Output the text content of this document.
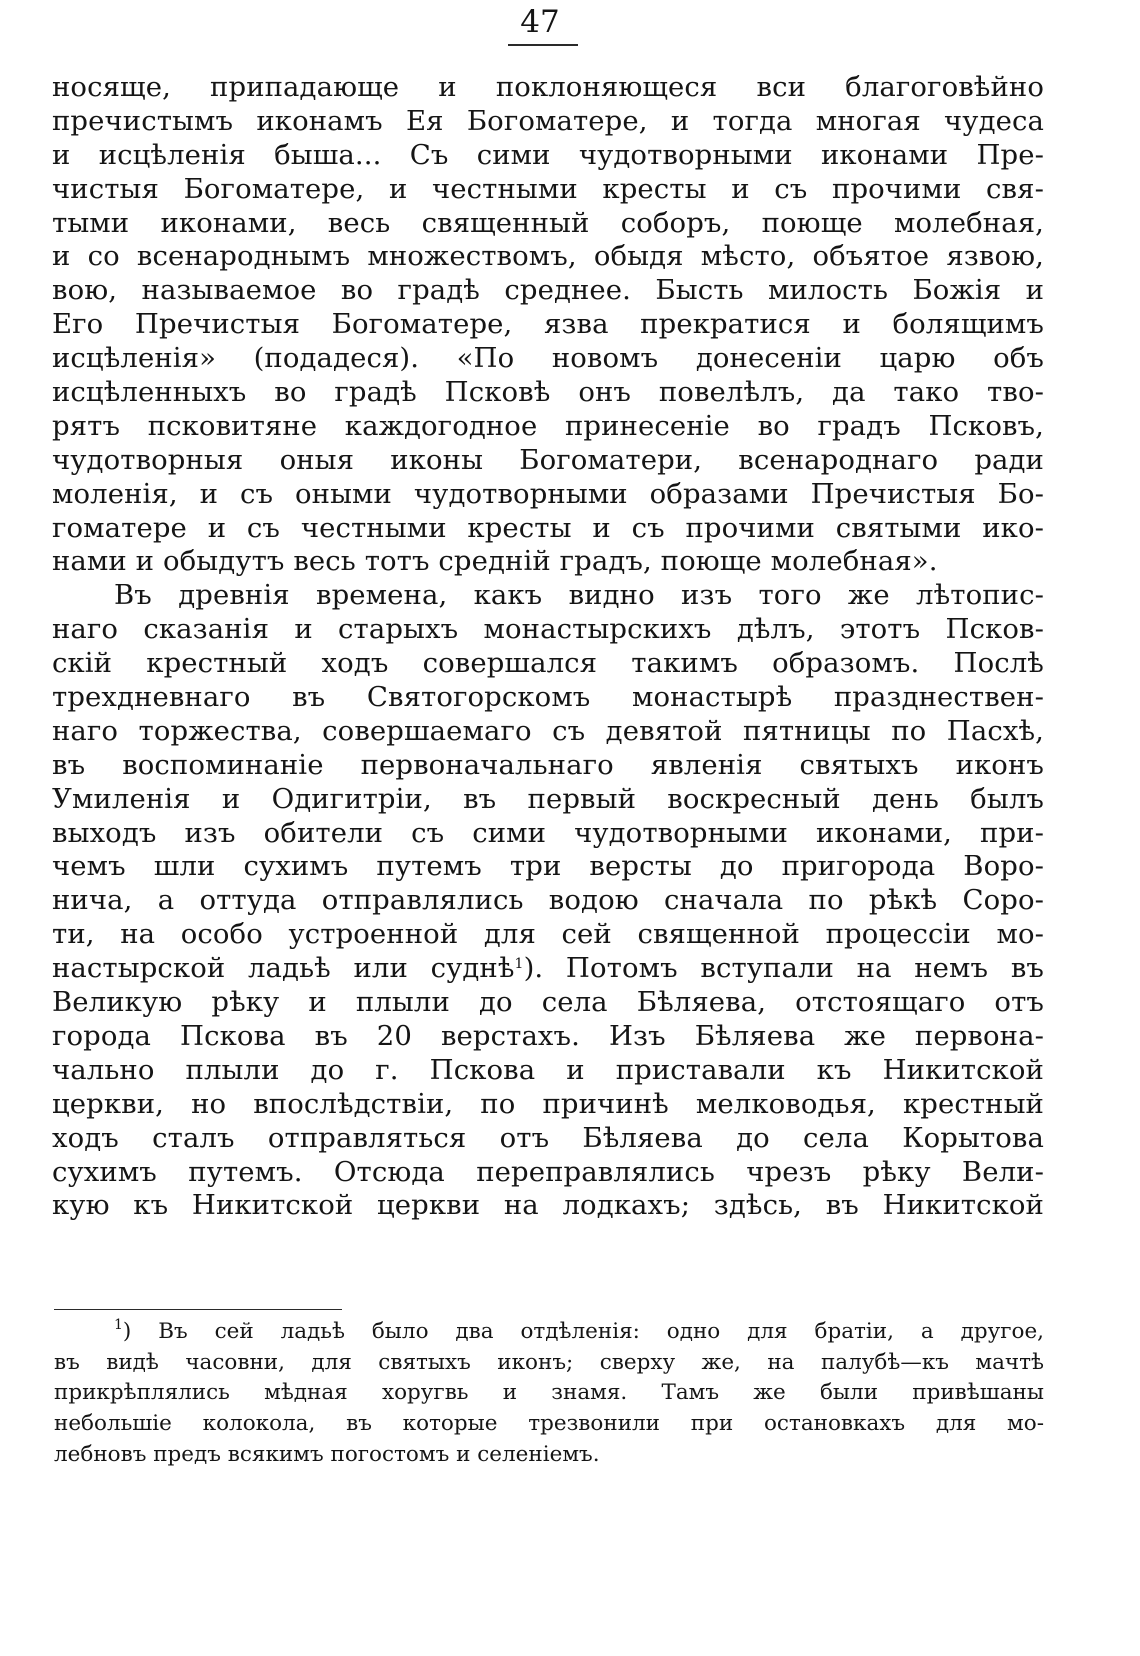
47
носяще, припадающе и поклоняющеся вси благоговѣйно
пречистымъ иконамъ Ея Богоматере, и тогда многая чудеса
и исцѣленія быша... Съ сими чудотворными иконами Пре-
чистыя Богоматере, и честными кресты и съ прочими свя-
тыми иконами, весь священный соборъ, поюще молебная,
и со всенароднымъ множествомъ, обыдя мѣсто, объятое язвою,
вою, называемое во градѣ среднее. Бысть милость Божія и
Его Пречистыя Богоматере, язва прекратися и болящимъ
исцѣленія» (подадеся). «По новомъ донесеніи царю объ
исцѣленныхъ во градѣ Псковѣ онъ повелѣлъ, да тако тво-
рятъ псковитяне каждогодное принесеніе во градъ Псковъ,
чудотворныя оныя иконы Богоматери, всенароднаго ради
моленія, и съ оными чудотворными образами Пречистыя Бо-
гоматере и съ честными кресты и съ прочими святыми ико-
нами и обыдутъ весь тотъ средній градъ, поюще молебная».
Въ древнія времена, какъ видно изъ того же лѣтопис-
наго сказанія и старыхъ монастырскихъ дѣлъ, этотъ Псков-
скій крестный ходъ совершался такимъ образомъ. Послѣ
трехдневнаго въ Святогорскомъ монастырѣ празднествен-
наго торжества, совершаемаго съ девятой пятницы по Пасхѣ,
въ воспоминаніе первоначальнаго явленія святыхъ иконъ
Умиленія и Одигитріи, въ первый воскресный день былъ
выходъ изъ обители съ сими чудотворными иконами, при-
чемъ шли сухимъ путемъ три версты до пригорода Воро-
нича, а оттуда отправлялись водою сначала по рѣкѣ Соро-
ти, на особо устроенной для сей священной процессіи мо-
настырской ладьѣ или суднѣ$^1$). Потомъ вступали на немъ въ
Великую рѣку и плыли до села Бѣляева, отстоящаго отъ
города Пскова въ 20 верстахъ. Изъ Бѣляева же первона-
чально плыли до г. Пскова и приставали къ Никитской
церкви, но впослѣдствіи, по причинѣ мелководья, крестный
ходъ сталъ отправляться отъ Бѣляева до села Корытова
сухимъ путемъ. Отсюда переправлялись чрезъ рѣку Вели-
кую къ Никитской церкви на лодкахъ; здѣсь, въ Никитской
$^1$) Въ сей ладьѣ было два отдѣленія: одно для братіи, а другое,
въ видѣ часовни, для святыхъ иконъ; сверху же, на палубѣ—къ мачтѣ
прикрѣплялись мѣдная хоругвь и знамя. Тамъ же были привѣшаны
небольшіе колокола, въ которые трезвонили при остановкахъ для мо-
лебновъ предъ всякимъ погостомъ и селеніемъ.
